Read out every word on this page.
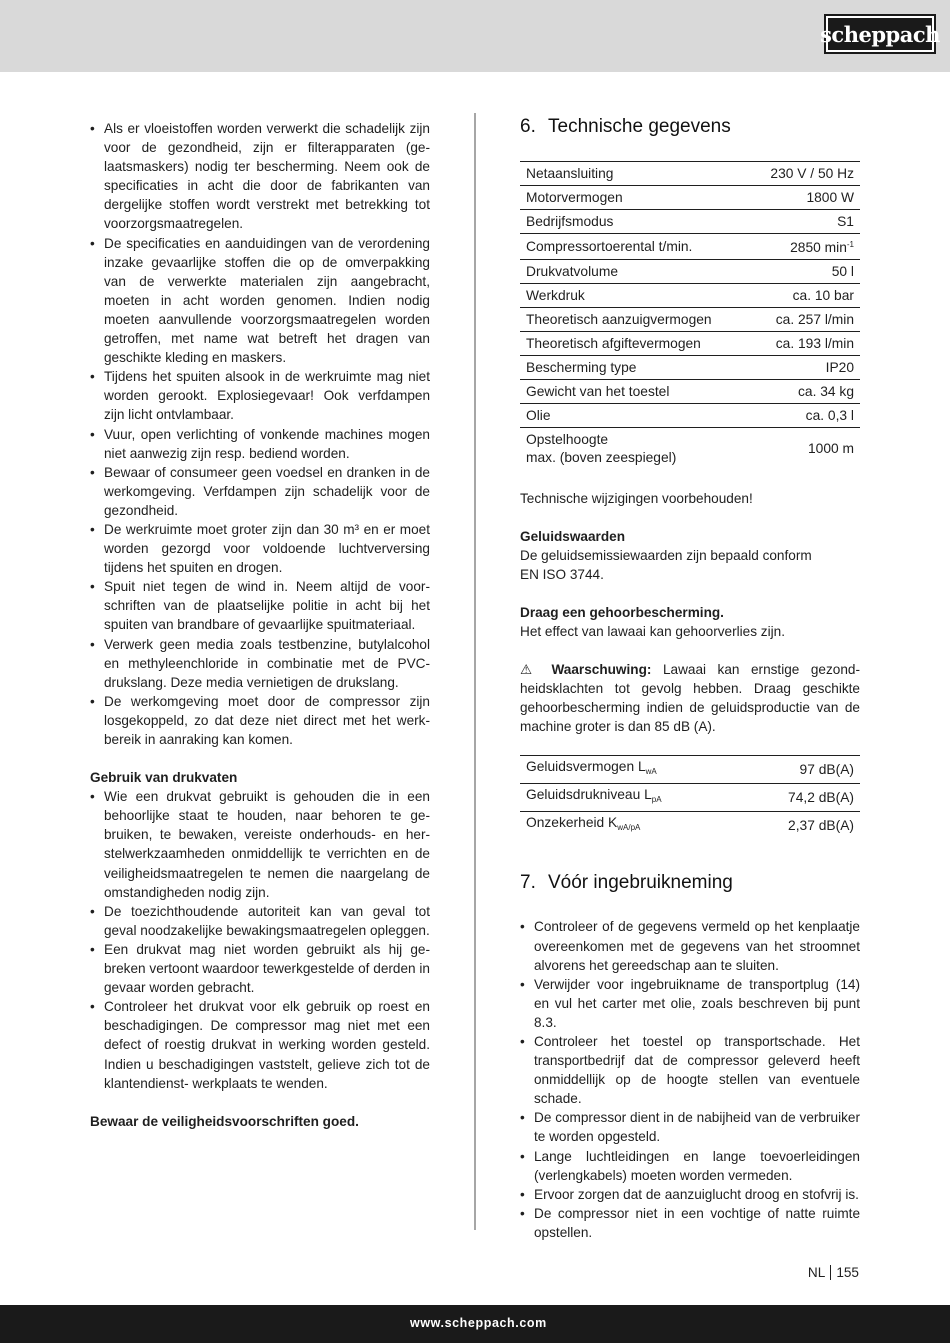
scheppach
• Als er vloeistoffen worden verwerkt die schadelijk zijn voor de gezondheid, zijn er filterapparaten (gelaatsmaskers) nodig ter bescherming. Neem ook de specificaties in acht die door de fabrikanten van dergelijke stoffen wordt verstrekt met betrekking tot voorzorgsmaatregelen.
• De specificaties en aanduidingen van de verordening inzake gevaarlijke stoffen die op de omverpakking van de verwerkte materialen zijn aangebracht, moeten in acht worden genomen. Indien nodig moeten aanvullende voorzorgsmaatregelen worden getroffen, met name wat betreft het dragen van geschikte kleding en maskers.
• Tijdens het spuiten alsook in de werkruimte mag niet worden gerookt. Explosiegevaar! Ook verfdampen zijn licht ontvlambaar.
• Vuur, open verlichting of vonkende machines mogen niet aanwezig zijn resp. bediend worden.
• Bewaar of consumeer geen voedsel en dranken in de werkomgeving. Verfdampen zijn schadelijk voor de gezondheid.
• De werkruimte moet groter zijn dan 30 m³ en er moet worden gezorgd voor voldoende luchtverversing tijdens het spuiten en drogen.
• Spuit niet tegen de wind in. Neem altijd de voorschriften van de plaatselijke politie in acht bij het spuiten van brandbare of gevaarlijke spuitmateriaal.
• Verwerk geen media zoals testbenzine, butylalcohol en methyleenchloride in combinatie met de PVC-drukslang. Deze media vernietigen de drukslang.
• De werkomgeving moet door de compressor zijn losgekoppeld, zo dat deze niet direct met het werkbereik in aanraking kan komen.
Gebruik van drukvaten
• Wie een drukvat gebruikt is gehouden die in een behoorlijke staat te houden, naar behoren te gebruiken, te bewaken, vereiste onderhouds- en herstelwerkzaamheden onmiddellijk te verrichten en de veiligheidsmaatregelen te nemen die naargelang de omstandigheden nodig zijn.
• De toezichthoudende autoriteit kan van geval tot geval noodzakelijke bewakingsmaatregelen opleggen.
• Een drukvat mag niet worden gebruikt als hij gebreken vertoont waardoor tewerkgestelde of derden in gevaar worden gebracht.
• Controleer het drukvat voor elk gebruik op roest en beschadigingen. De compressor mag niet met een defect of roestig drukvat in werking worden gesteld. Indien u beschadigingen vaststelt, gelieve zich tot de klantendienst- werkplaats te wenden.
Bewaar de veiligheidsvoorschriften goed.
6. Technische gegevens
Netaansluiting	230 V / 50 Hz
Motorvermogen	1800 W
Bedrijfsmodus	S1
Compressortoerental t/min.	2850 $\min^{-1}$
Drukvatvolume	50 l
Werkdruk	ca. 10 bar
Theoretisch aanzuigvermogen	ca. 257 l/min
Theoretisch afgiftevermogen	ca. 193 l/min
Bescherming type	IP20
Gewicht van het toestel	ca. 34 kg
Olie	ca. 0,3 l

Opstelhoogte
max. (boven zeespiegel)	1000 m
Technische wijzigingen voorbehouden!
Geluidswaarden
De geluidsemissiewaarden zijn bepaald conform
EN ISO 3744.
Draag een gehoorbescherming.
Het effect van lawaai kan gehoorverlies zijn.
⚠ Waarschuwing: Lawaai kan ernstige gezondheidsklachten tot gevolg hebben. Draag geschikte gehoorbescherming indien de geluidsproductie van de machine groter is dan 85 dB (A).
Geluidsvermogen $L_{wA}$	97 dB(A)
Geluidsdrukniveau $L_{pA}$	74,2 dB(A)
Onzekerheid $K_{wA/pA}$	2,37 dB(A)
7. Vóór ingebruikneming
• Controleer of de gegevens vermeld op het kenplaatje overeenkomen met de gegevens van het stroomnet alvorens het gereedschap aan te sluiten.
• Verwijder voor ingebruikname de transportplug (14) en vul het carter met olie, zoals beschreven bij punt 8.3.
• Controleer het toestel op transportschade. Het transportbedrijf dat de compressor geleverd heeft onmiddellijk op de hoogte stellen van eventuele schade.
• De compressor dient in de nabijheid van de verbruiker te worden opgesteld.
• Lange luchtleidingen en lange toevoerleidingen (verlengkabels) moeten worden vermeden.
• Ervoor zorgen dat de aanzuiglucht droog en stofvrij is.
• De compressor niet in een vochtige of natte ruimte opstellen.
NL 155
www.scheppach.com
